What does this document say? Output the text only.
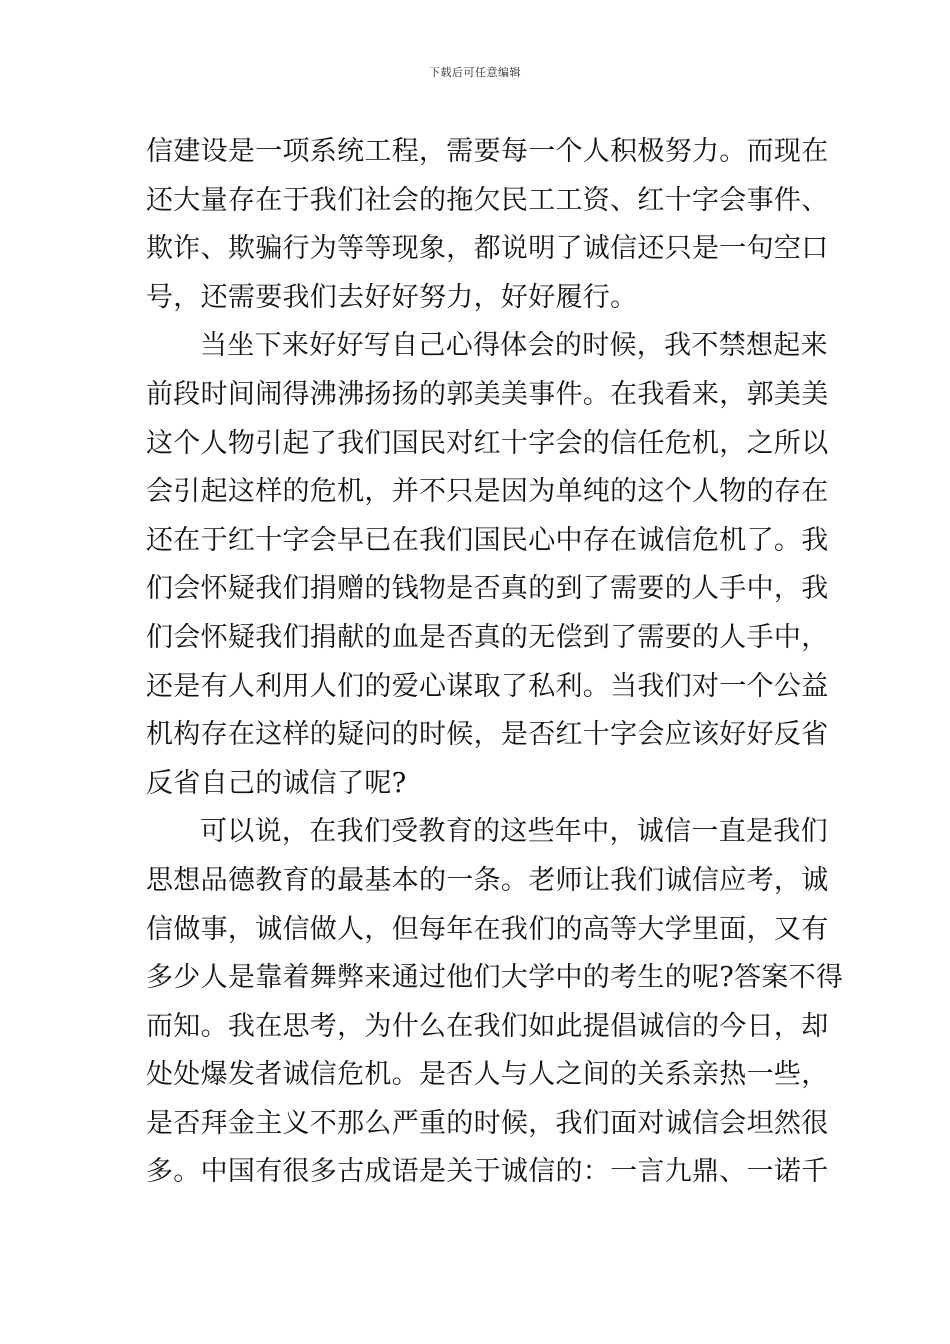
下载后可任意编辑
信建设是一项系统工程，需要每一个人积极努力。而现在
还大量存在于我们社会的拖欠民工工资、红十字会事件、
欺诈、欺骗行为等等现象，都说明了诚信还只是一句空口
号，还需要我们去好好努力，好好履行。
当坐下来好好写自己心得体会的时候，我不禁想起来
前段时间闹得沸沸扬扬的郭美美事件。在我看来，郭美美
这个人物引起了我们国民对红十字会的信任危机，之所以
会引起这样的危机，并不只是因为单纯的这个人物的存在
还在于红十字会早已在我们国民心中存在诚信危机了。我
们会怀疑我们捐赠的钱物是否真的到了需要的人手中，我
们会怀疑我们捐献的血是否真的无偿到了需要的人手中，
还是有人利用人们的爱心谋取了私利。当我们对一个公益
机构存在这样的疑问的时候，是否红十字会应该好好反省
反省自己的诚信了呢?
可以说，在我们受教育的这些年中，诚信一直是我们
思想品德教育的最基本的一条。老师让我们诚信应考，诚
信做事，诚信做人，但每年在我们的高等大学里面，又有
多少人是靠着舞弊来通过他们大学中的考生的呢?答案不得
而知。我在思考，为什么在我们如此提倡诚信的今日，却
处处爆发者诚信危机。是否人与人之间的关系亲热一些，
是否拜金主义不那么严重的时候，我们面对诚信会坦然很
多。中国有很多古成语是关于诚信的：一言九鼎、一诺千
